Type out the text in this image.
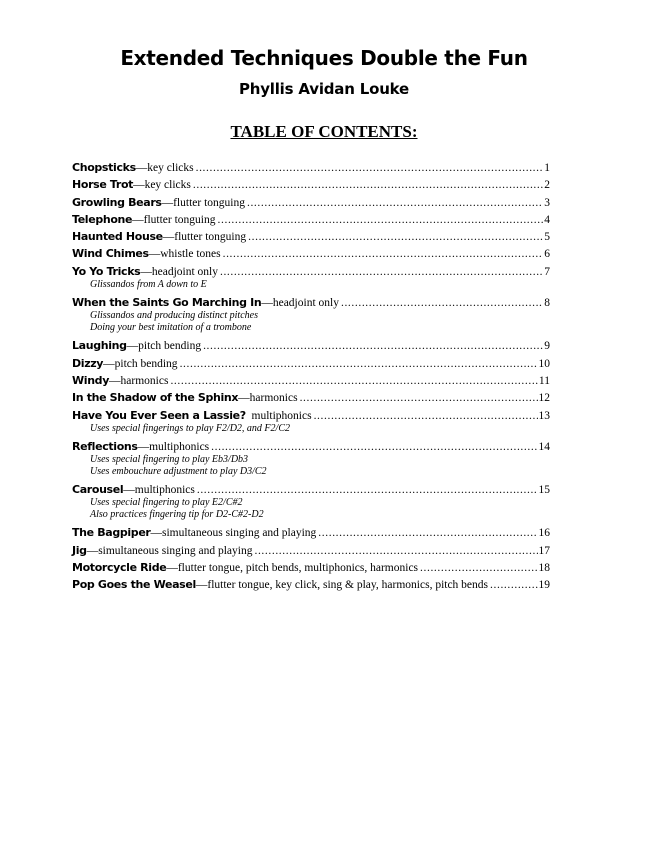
Extended Techniques Double the Fun
Phyllis Avidan Louke
TABLE OF CONTENTS:
Chopsticks—key clicks .....	1
Horse Trot—key clicks .....	2
Growling Bears—flutter tonguing .....	3
Telephone—flutter tonguing .....	4
Haunted House—flutter tonguing .....	5
Wind Chimes—whistle tones .....	6
Yo Yo Tricks—headjoint only .....	7
Glissandos from A down to E
When the Saints Go Marching In—headjoint only .....	8
Glissandos and producing distinct pitches
Doing your best imitation of a trombone
Laughing—pitch bending .....	9
Dizzy—pitch bending .....	10
Windy—harmonics .....	11
In the Shadow of the Sphinx—harmonics .....	12
Have You Ever Seen a Lassie?  multiphonics .....	13
Uses special fingerings to play F2/D2, and F2/C2
Reflections—multiphonics .....	14
Uses special fingering to play Eb3/Db3
Uses embouchure adjustment to play D3/C2
Carousel—multiphonics .....	15
Uses special fingering to play E2/C#2
Also practices fingering tip for D2-C#2-D2
The Bagpiper—simultaneous singing and playing .....	16
Jig—simultaneous singing and playing .....	17
Motorcycle Ride—flutter tongue, pitch bends, multiphonics, harmonics .....	18
Pop Goes the Weasel—flutter tongue, key click, sing & play, harmonics, pitch bends .....	19
